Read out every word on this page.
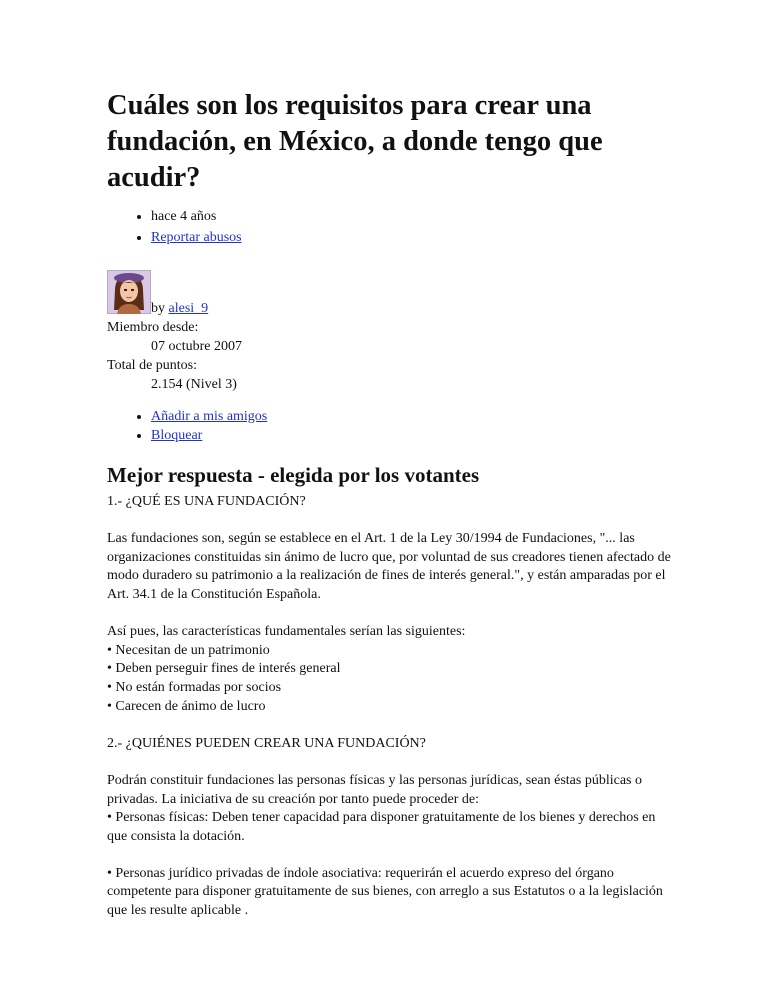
Cuáles son los requisitos para crear una fundación, en México, a donde tengo que acudir?
• hace 4 años
• Reportar abusos
by alesi_9
Miembro desde:
07 octubre 2007
Total de puntos:
2.154 (Nivel 3)
• Añadir a mis amigos
• Bloquear
Mejor respuesta - elegida por los votantes

1.- ¿QUÉ ES UNA FUNDACIÓN?

Las fundaciones son, según se establece en el Art. 1 de la Ley 30/1994 de Fundaciones, "... las organizaciones constituidas sin ánimo de lucro que, por voluntad de sus creadores tienen afectado de modo duradero su patrimonio a la realización de fines de interés general.", y están amparadas por el Art. 34.1 de la Constitución Española.

Así pues, las características fundamentales serían las siguientes:
• Necesitan de un patrimonio
• Deben perseguir fines de interés general
• No están formadas por socios
• Carecen de ánimo de lucro

2.- ¿QUIÉNES PUEDEN CREAR UNA FUNDACIÓN?

Podrán constituir fundaciones las personas físicas y las personas jurídicas, sean éstas públicas o privadas. La iniciativa de su creación por tanto puede proceder de:
• Personas físicas: Deben tener capacidad para disponer gratuitamente de los bienes y derechos en que consista la dotación.

• Personas jurídico privadas de índole asociativa: requerirán el acuerdo expreso del órgano competente para disponer gratuitamente de sus bienes, con arreglo a sus Estatutos o a la legislación que les resulte aplicable .
